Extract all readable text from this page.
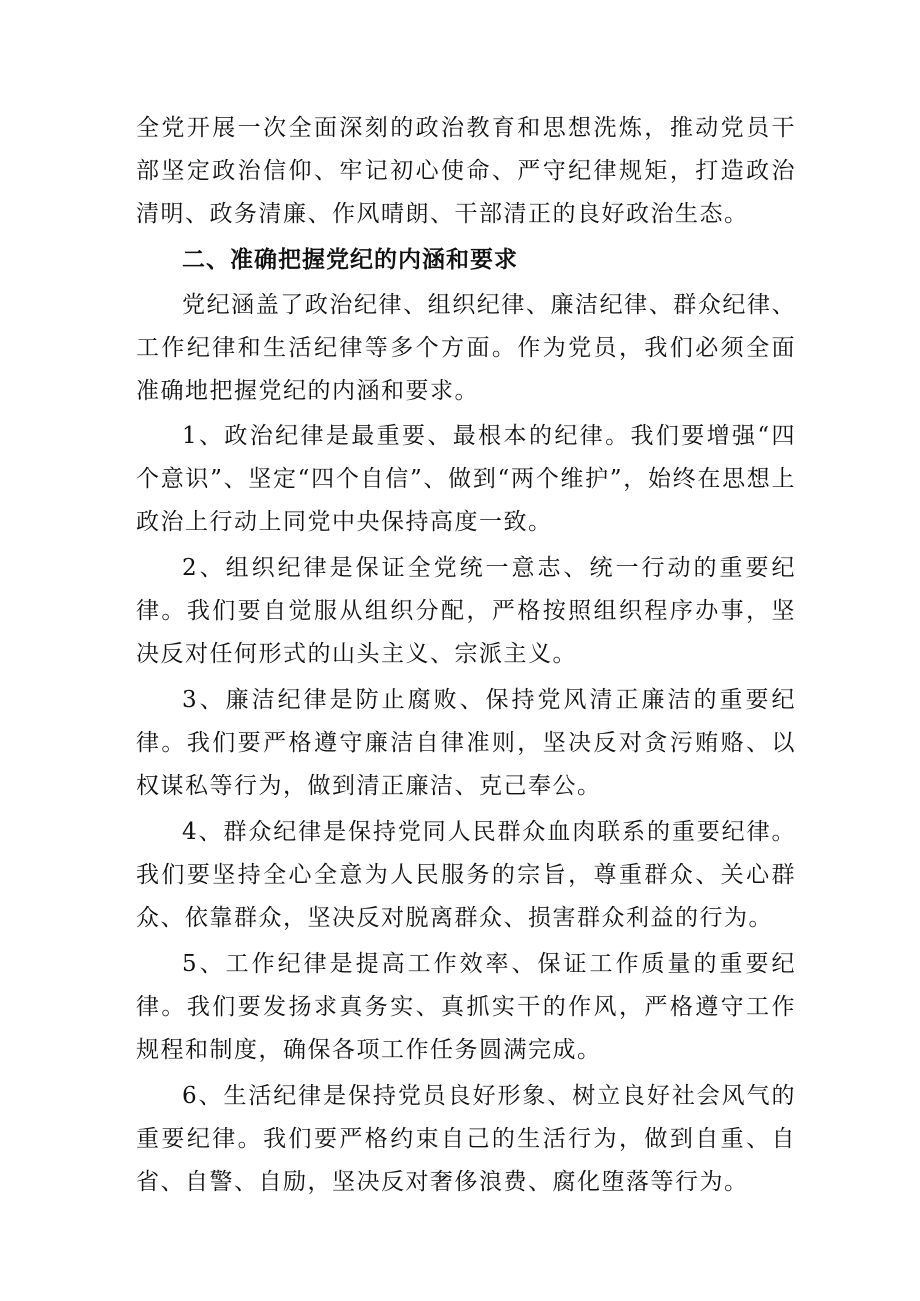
全党开展一次全面深刻的政治教育和思想洗炼，推动党员干部坚定政治信仰、牢记初心使命、严守纪律规矩，打造政治清明、政务清廉、作风晴朗、干部清正的良好政治生态。

二、准确把握党纪的内涵和要求

党纪涵盖了政治纪律、组织纪律、廉洁纪律、群众纪律、工作纪律和生活纪律等多个方面。作为党员，我们必须全面准确地把握党纪的内涵和要求。

1、政治纪律是最重要、最根本的纪律。我们要增强“四个意识”、坚定“四个自信”、做到“两个维护”，始终在思想上政治上行动上同党中央保持高度一致。

2、组织纪律是保证全党统一意志、统一行动的重要纪律。我们要自觉服从组织分配，严格按照组织程序办事，坚决反对任何形式的山头主义、宗派主义。

3、廉洁纪律是防止腐败、保持党风清正廉洁的重要纪律。我们要严格遵守廉洁自律准则，坚决反对贪污贿赂、以权谋私等行为，做到清正廉洁、克己奉公。

4、群众纪律是保持党同人民群众血肉联系的重要纪律。我们要坚持全心全意为人民服务的宗旨，尊重群众、关心群众、依靠群众，坚决反对脱离群众、损害群众利益的行为。

5、工作纪律是提高工作效率、保证工作质量的重要纪律。我们要发扬求真务实、真抓实干的作风，严格遵守工作规程和制度，确保各项工作任务圆满完成。

6、生活纪律是保持党员良好形象、树立良好社会风气的重要纪律。我们要严格约束自己的生活行为，做到自重、自省、自警、自励，坚决反对奢侈浪费、腐化堕落等行为。
